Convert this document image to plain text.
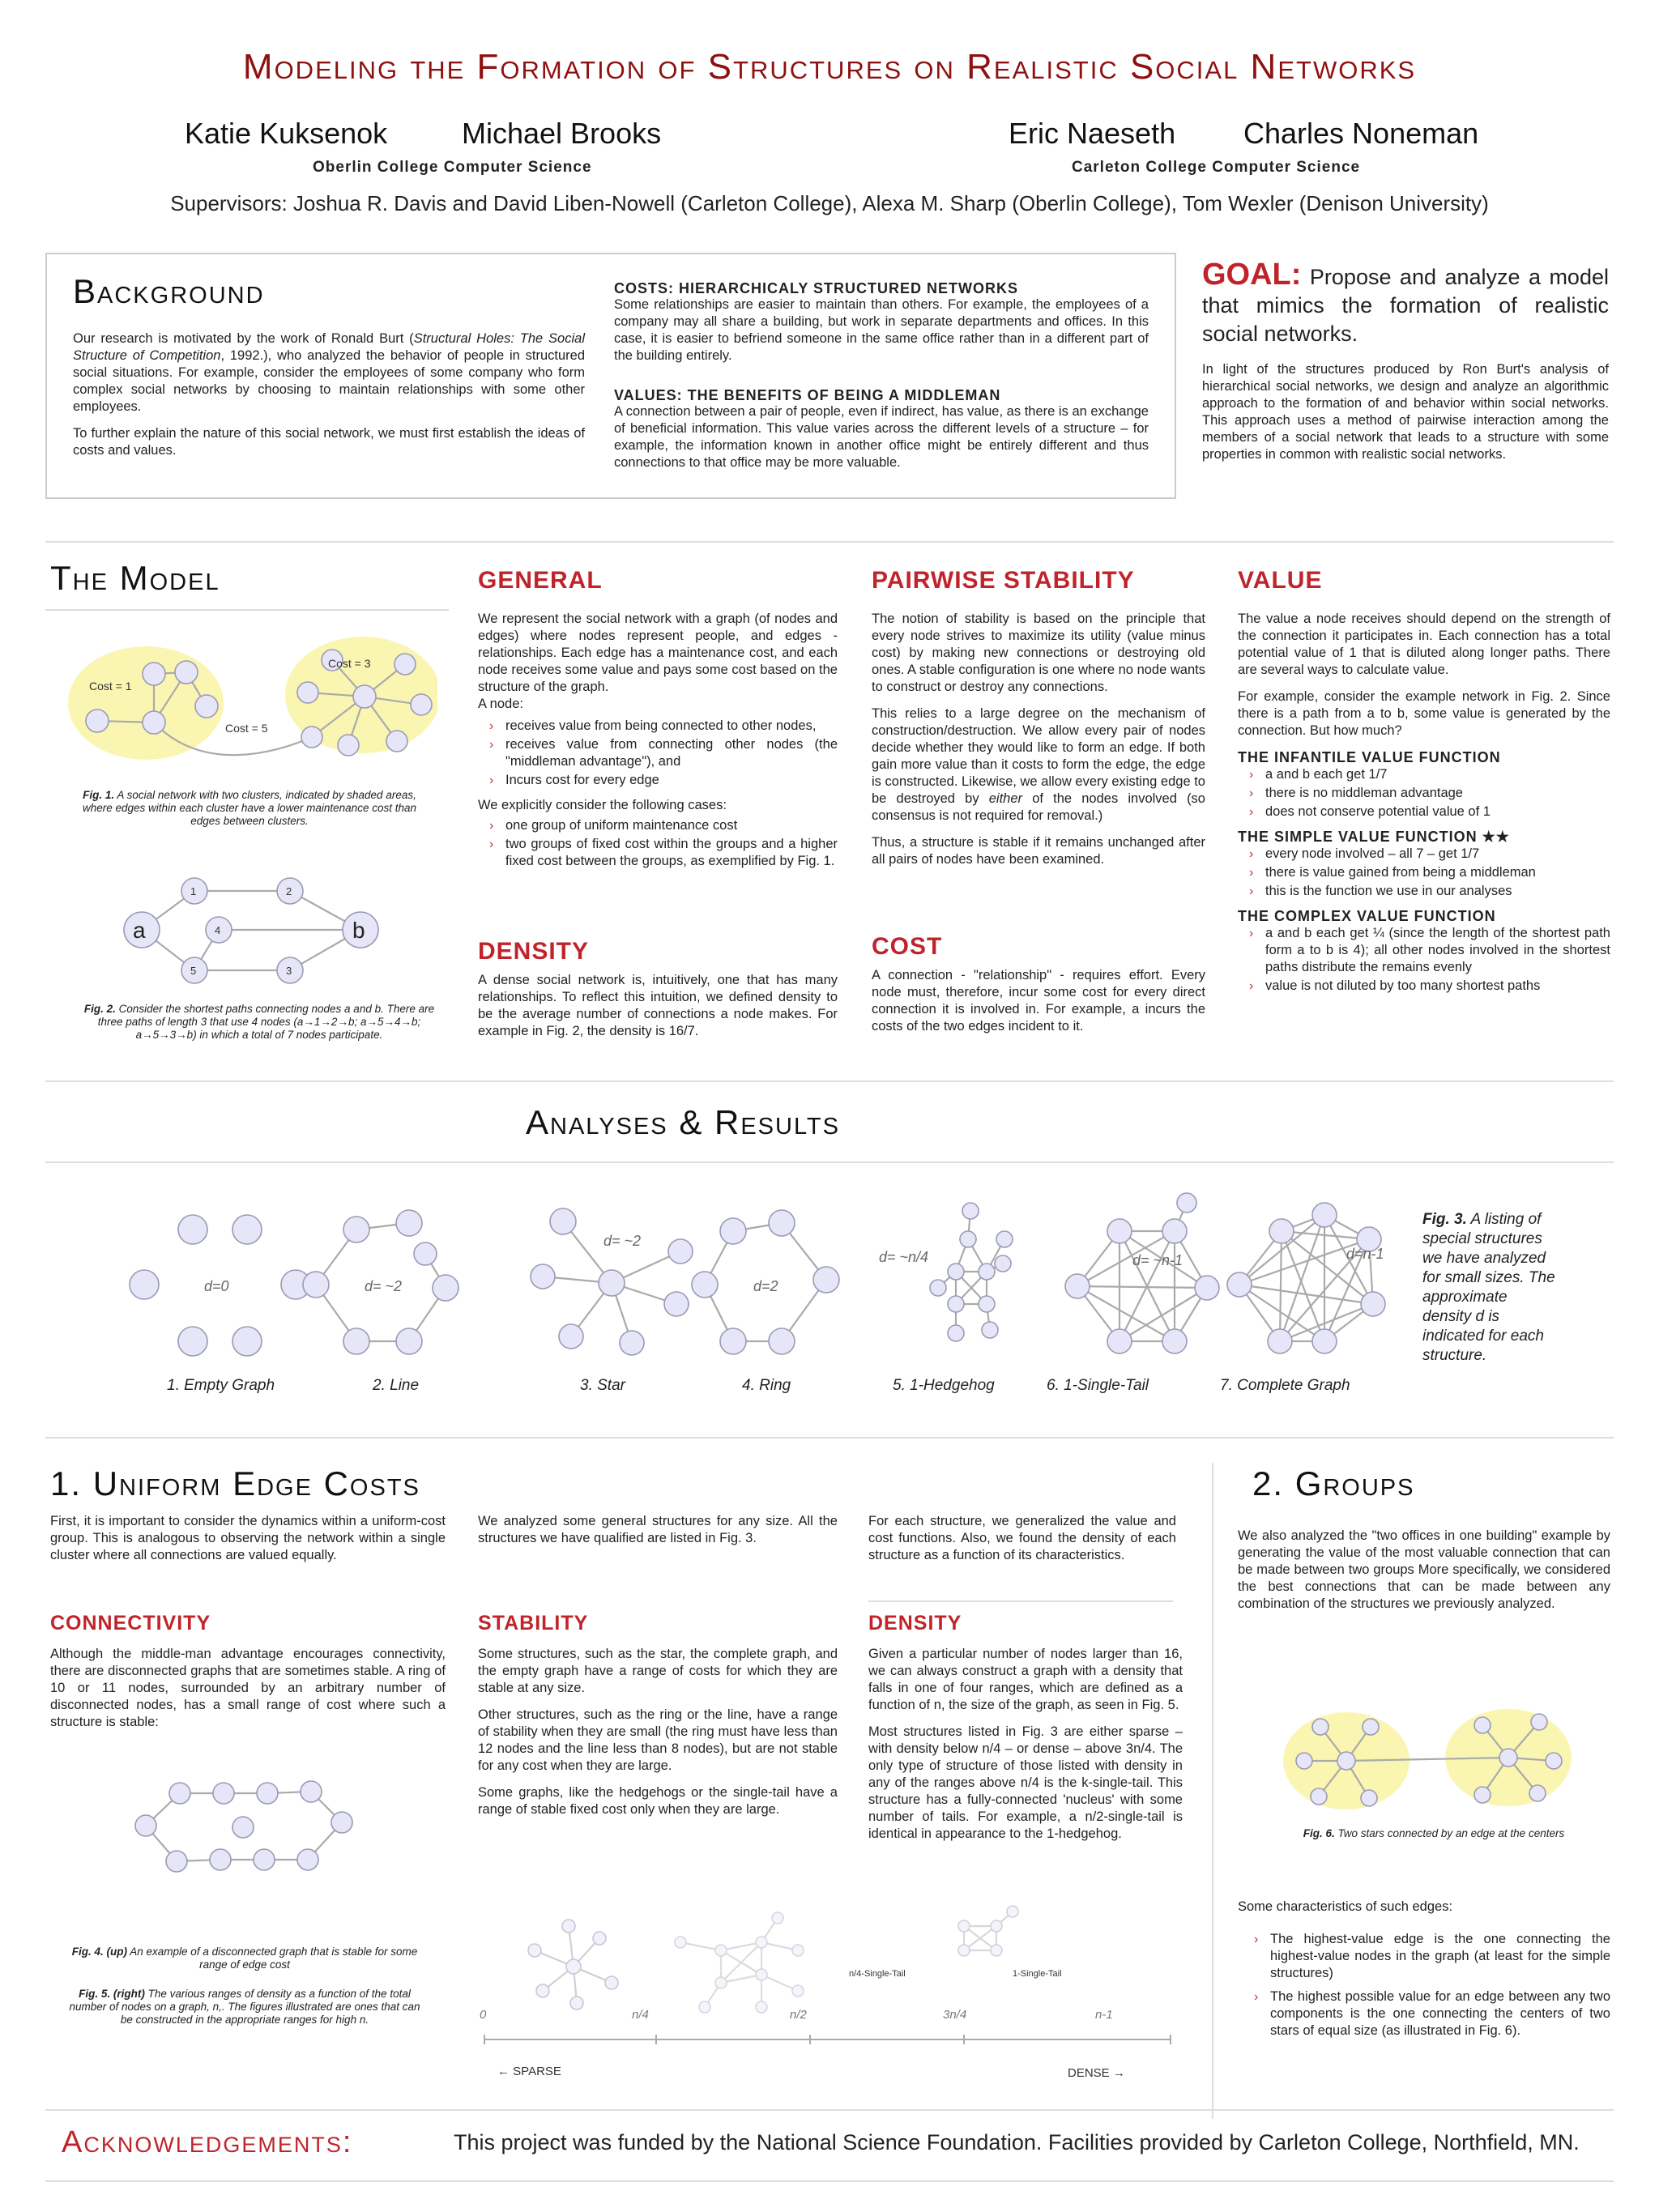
Modeling the Formation of Structures on Realistic Social Networks
Katie Kuksenok	Michael Brooks
Oberlin College Computer Science
Eric Naeseth Charles Noneman
Carleton College Computer Science
Supervisors: Joshua R. Davis and David Liben-Nowell (Carleton College), Alexa M. Sharp (Oberlin College), Tom Wexler (Denison University)
Background

Our research is motivated by the work of Ronald Burt (Structural Holes: The Social Structure of Competition, 1992.), who analyzed the behavior of people in structured social situations. For example, consider the employees of some company who form complex social networks by choosing to maintain relationships with some other employees.

To further explain the nature of this social network, we must first establish the ideas of costs and values.

COSTS: HIERARCHICALY STRUCTURED NETWORKS
Some relationships are easier to maintain than others. For example, the employees of a company may all share a building, but work in separate departments and offices. In this case, it is easier to befriend someone in the same office rather than in a different part of the building entirely.
VALUES: THE BENEFITS OF BEING A MIDDLEMAN
A connection between a pair of people, even if indirect, has value, as there is an exchange of beneficial information. This value varies across the different levels of a structure – for example, the information known in another office might be entirely different and thus connections to that office may be more valuable.
GOAL: Propose and analyze a model that mimics the formation of realistic social networks.
In light of the structures produced by Ron Burt's analysis of hierarchical social networks, we design and analyze an algorithmic approach to the formation of and behavior within social networks. This approach uses a method of pairwise interaction among the members of a social network that leads to a structure with some properties in common with realistic social networks.
The Model
Cost = 1
Cost = 3
Cost = 5
Fig. 1. A social network with two clusters, indicated by shaded areas, where edges within each cluster have a lower maintenance cost than edges between clusters.
1	2
4
5	3
a	b
Fig. 2. Consider the shortest paths connecting nodes a and b. There are three paths of length 3 that use 4 nodes (a→1→2→b; a→5→4→b; a→5→3→b) in which a total of 7 nodes participate.
GENERAL
We represent the social network with a graph (of nodes and edges) where nodes represent people, and edges - relationships. Each edge has a maintenance cost, and each node receives some value and pays some cost based on the structure of the graph.
A node:
› receives value from being connected to other nodes,
› receives value from connecting other nodes (the "middleman advantage"), and
› Incurs cost for every edge
We explicitly consider the following cases:
› one group of uniform maintenance cost
› two groups of fixed cost within the groups and a higher fixed cost between the groups, as exemplified by Fig. 1.
DENSITY
A dense social network is, intuitively, one that has many relationships. To reflect this intuition, we defined density to be the average number of connections a node makes. For example in Fig. 2, the density is 16/7.
PAIRWISE STABILITY

The notion of stability is based on the principle that every node strives to maximize its utility (value minus cost) by making new connections or destroying old ones. A stable configuration is one where no node wants to construct or destroy any connections.

This relies to a large degree on the mechanism of construction/destruction. We allow every pair of nodes decide whether they would like to form an edge. If both gain more value than it costs to form the edge, the edge is constructed. Likewise, we allow every existing edge to be destroyed by either of the nodes involved (so consensus is not required for removal.)

Thus, a structure is stable if it remains unchanged after all pairs of nodes have been examined.

COST
A connection - "relationship" - requires effort. Every node must, therefore, incur some cost for every direct connection it is involved in. For example, a incurs the costs of the two edges incident to it.
VALUE

The value a node receives should depend on the strength of the connection it participates in. Each connection has a total potential value of 1 that is diluted along longer paths. There are several ways to calculate value.

For example, consider the example network in Fig. 2. Since there is a path from a to b, some value is generated by the connection. But how much?

THE INFANTILE VALUE FUNCTION
› a and b each get 1/7
› there is no middleman advantage
› does not conserve potential value of 1
THE SIMPLE VALUE FUNCTION ★★
› every node involved – all 7 – get 1/7
› there is value gained from being a middleman
› this is the function we use in our analyses
THE COMPLEX VALUE FUNCTION
› a and b each get ¼ (since the length of the shortest path form a to b is 4); all other nodes involved in the shortest paths distribute the remains evenly
› value is not diluted by too many shortest paths
Analyses & Results
d=0	d= ~2
d= ~2
d=2
d= ~n/4	d= ~n-1	d=n-1
1. Empty Graph	2. Line	3. Star	4. Ring	5. 1-Hedgehog	6. 1-Single-Tail	7. Complete Graph
Fig. 3. A listing of special structures we have analyzed for small sizes. The approximate density d is indicated for each structure.
1. Uniform Edge Costs
First, it is important to consider the dynamics within a uniform-cost group. This is analogous to observing the network within a single cluster where all connections are valued equally.
We analyzed some general structures for any size. All the structures we have qualified are listed in Fig. 3.
For each structure, we generalized the value and cost functions. Also, we found the density of each structure as a function of its characteristics.
CONNECTIVITY
Although the middle-man advantage encourages connectivity, there are disconnected graphs that are sometimes stable. A ring of 10 or 11 nodes, surrounded by an arbitrary number of disconnected nodes, has a small range of cost where such a structure is stable:
Fig. 4. (up) An example of a disconnected graph that is stable for some range of edge cost
Fig. 5. (right) The various ranges of density as a function of the total number of nodes on a graph, n,. The figures illustrated are ones that can be constructed in the appropriate ranges for high n.
STABILITY

Some structures, such as the star, the complete graph, and the empty graph have a range of costs for which they are stable at any size.

Other structures, such as the ring or the line, have a range of stability when they are small (the ring must have less than 12 nodes and the line less than 8 nodes), but are not stable for any cost when they are large.

Some graphs, like the hedgehogs or the single-tail have a range of stable fixed cost only when they are large.

DENSITY

Given a particular number of nodes larger than 16, we can always construct a graph with a density that falls in one of four ranges, which are defined as a function of n, the size of the graph, as seen in Fig. 5.

Most structures listed in Fig. 3 are either sparse – with density below n/4 – or dense – above 3n/4. The only type of structure of those listed with density in any of the ranges above n/4 is the k-single-tail. This structure has a fully-connected 'nucleus' with some number of tails. For example, a n/2-single-tail is identical in appearance to the 1-hedgehog.

n/4-Single-Tail	1-Single-Tail
0	n/4	n/2	3n/4	n-1
← SPARSE	DENSE →
2. Groups
We also analyzed the "two offices in one building" example by generating the value of the most valuable connection that can be made between two groups More specifically, we considered the best connections that can be made between any combination of the structures we previously analyzed.
Fig. 6. Two stars connected by an edge at the centers
Some characteristics of such edges:
› The highest-value edge is the one connecting the highest-value nodes in the graph (at least for the simple structures)
› The highest possible value for an edge between any two components is the one connecting the centers of two stars of equal size (as illustrated in Fig. 6).
Acknowledgements:	This project was funded by the National Science Foundation. Facilities provided by Carleton College, Northfield, MN.
